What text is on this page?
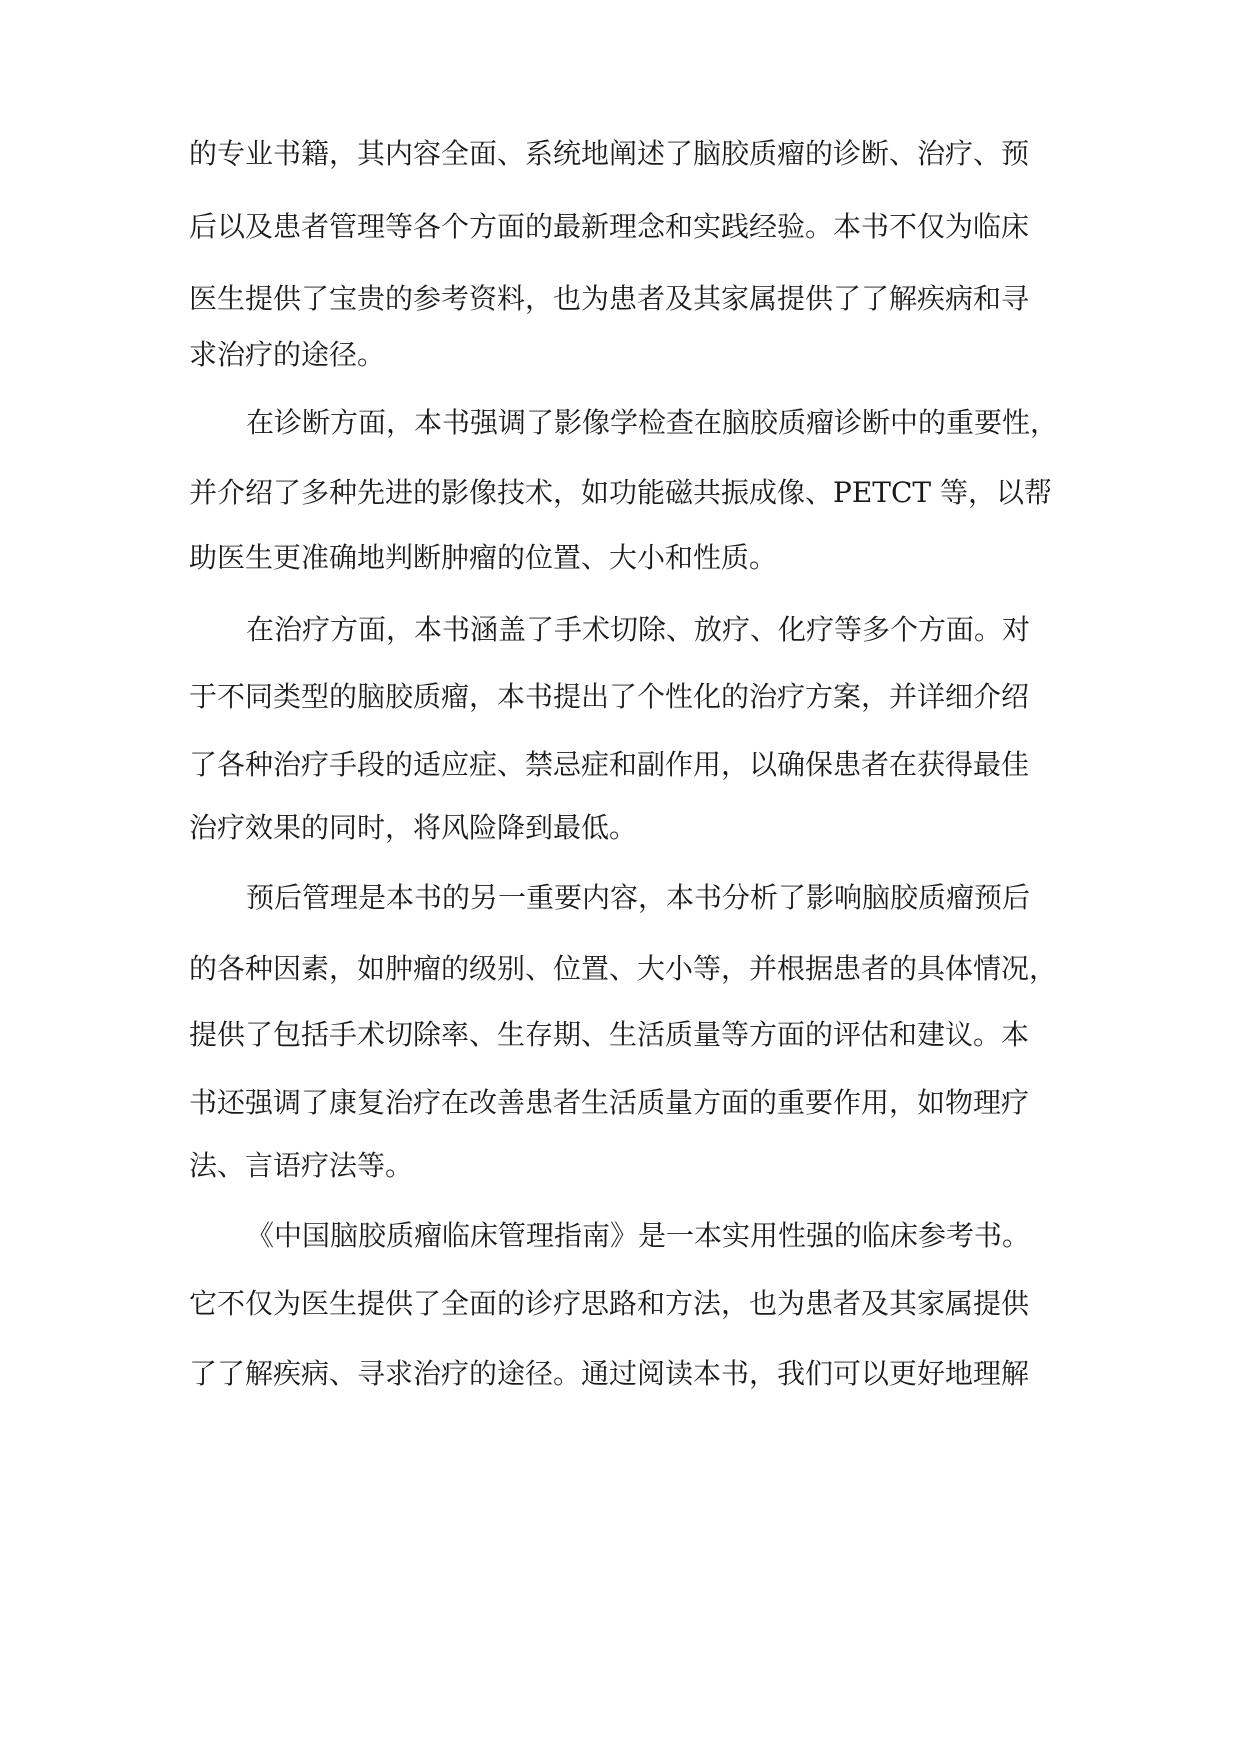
的专业书籍，其内容全面、系统地阐述了脑胶质瘤的诊断、治疗、预
后以及患者管理等各个方面的最新理念和实践经验。本书不仅为临床
医生提供了宝贵的参考资料，也为患者及其家属提供了了解疾病和寻
求治疗的途径。
在诊断方面，本书强调了影像学检查在脑胶质瘤诊断中的重要性，
并介绍了多种先进的影像技术，如功能磁共振成像、PETCT 等，以帮
助医生更准确地判断肿瘤的位置、大小和性质。
在治疗方面，本书涵盖了手术切除、放疗、化疗等多个方面。对
于不同类型的脑胶质瘤，本书提出了个性化的治疗方案，并详细介绍
了各种治疗手段的适应症、禁忌症和副作用，以确保患者在获得最佳
治疗效果的同时，将风险降到最低。
预后管理是本书的另一重要内容，本书分析了影响脑胶质瘤预后
的各种因素，如肿瘤的级别、位置、大小等，并根据患者的具体情况，
提供了包括手术切除率、生存期、生活质量等方面的评估和建议。本
书还强调了康复治疗在改善患者生活质量方面的重要作用，如物理疗
法、言语疗法等。
《中国脑胶质瘤临床管理指南》是一本实用性强的临床参考书。
它不仅为医生提供了全面的诊疗思路和方法，也为患者及其家属提供
了了解疾病、寻求治疗的途径。通过阅读本书，我们可以更好地理解
